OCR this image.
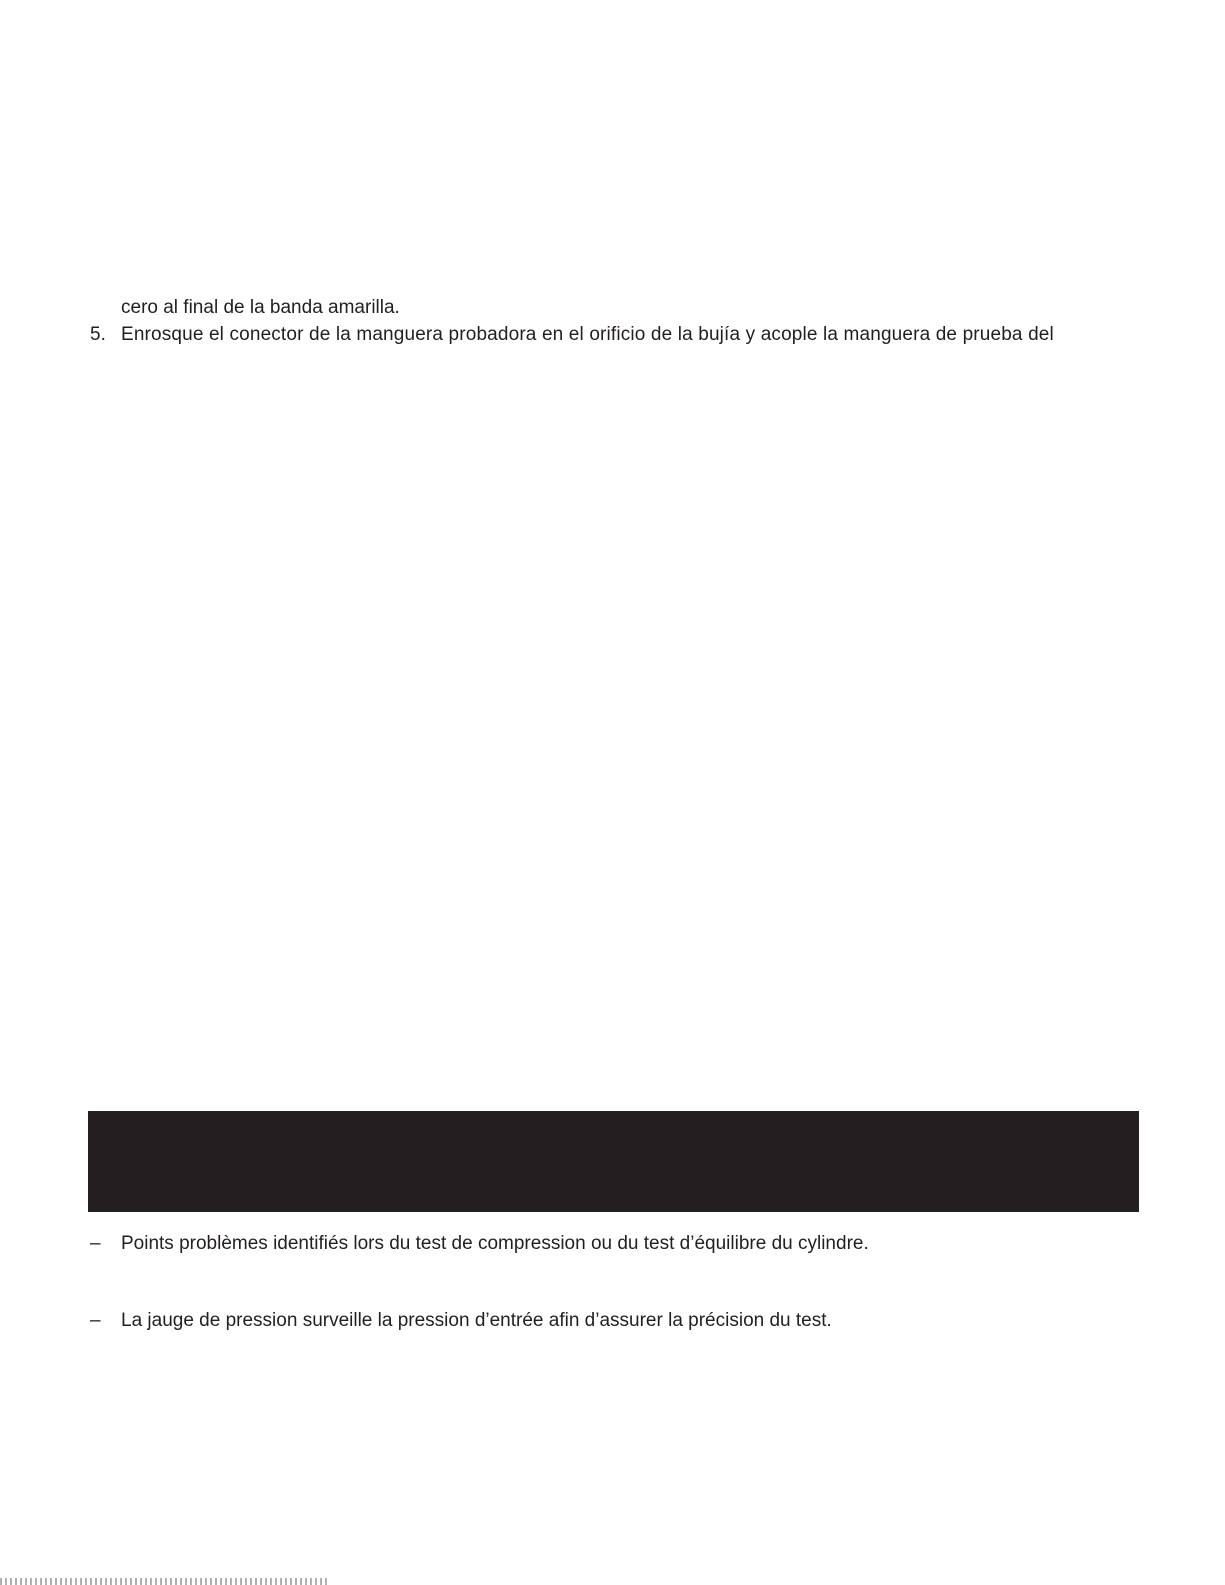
cero al final de la banda amarilla.
5. Enrosque el conector de la manguera probadora en el orificio de la bujía y acople la manguera de prueba del
– Points problèmes identifiés lors du test de compression ou du test d’équilibre du cylindre.
– La jauge de pression surveille la pression d’entrée afin d’assurer la précision du test.
